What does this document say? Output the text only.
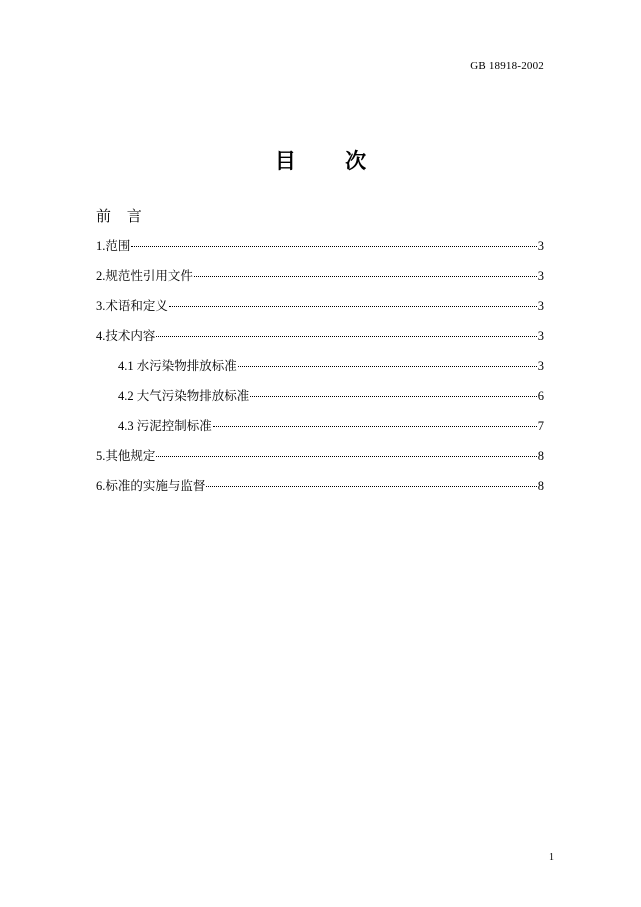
GB 18918-2002
目 次
前 言
1.范围	3
2.规范性引用文件	3
3.术语和定义	3
4.技术内容	3
4.1 水污染物排放标准	3
4.2 大气污染物排放标准	6
4.3 污泥控制标准	7
5.其他规定	8
6.标准的实施与监督	8
1
